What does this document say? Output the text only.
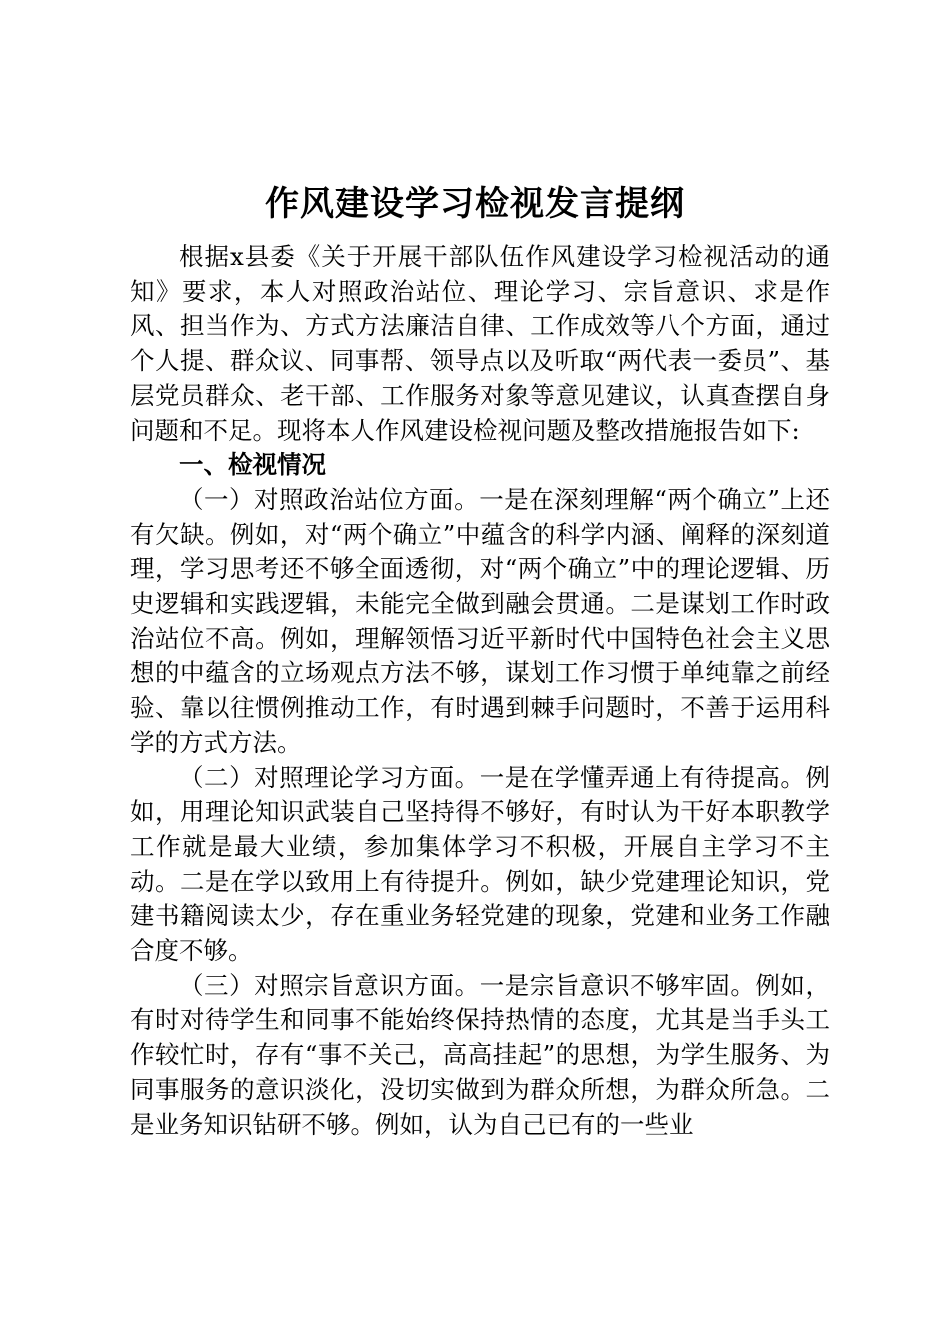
作风建设学习检视发言提纲

根据x县委《关于开展干部队伍作风建设学习检视活动的通知》要求，本人对照政治站位、理论学习、宗旨意识、求是作风、担当作为、方式方法廉洁自律、工作成效等八个方面，通过个人提、群众议、同事帮、领导点以及听取“两代表一委员”、基层党员群众、老干部、工作服务对象等意见建议，认真查摆自身问题和不足。现将本人作风建设检视问题及整改措施报告如下:

一、检视情况

（一）对照政治站位方面。一是在深刻理解“两个确立”上还有欠缺。例如，对“两个确立”中蕴含的科学内涵、阐释的深刻道理，学习思考还不够全面透彻，对“两个确立”中的理论逻辑、历史逻辑和实践逻辑，未能完全做到融会贯通。二是谋划工作时政治站位不高。例如，理解领悟习近平新时代中国特色社会主义思想的中蕴含的立场观点方法不够，谋划工作习惯于单纯靠之前经验、靠以往惯例推动工作，有时遇到棘手问题时，不善于运用科学的方式方法。

（二）对照理论学习方面。一是在学懂弄通上有待提高。例如，用理论知识武装自己坚持得不够好，有时认为干好本职教学工作就是最大业绩，参加集体学习不积极，开展自主学习不主动。二是在学以致用上有待提升。例如，缺少党建理论知识，党建书籍阅读太少，存在重业务轻党建的现象，党建和业务工作融合度不够。

（三）对照宗旨意识方面。一是宗旨意识不够牢固。例如，有时对待学生和同事不能始终保持热情的态度，尤其是当手头工作较忙时，存有“事不关己，高高挂起”的思想，为学生服务、为同事服务的意识淡化，没切实做到为群众所想，为群众所急。二是业务知识钻研不够。例如，认为自己已有的一些业
